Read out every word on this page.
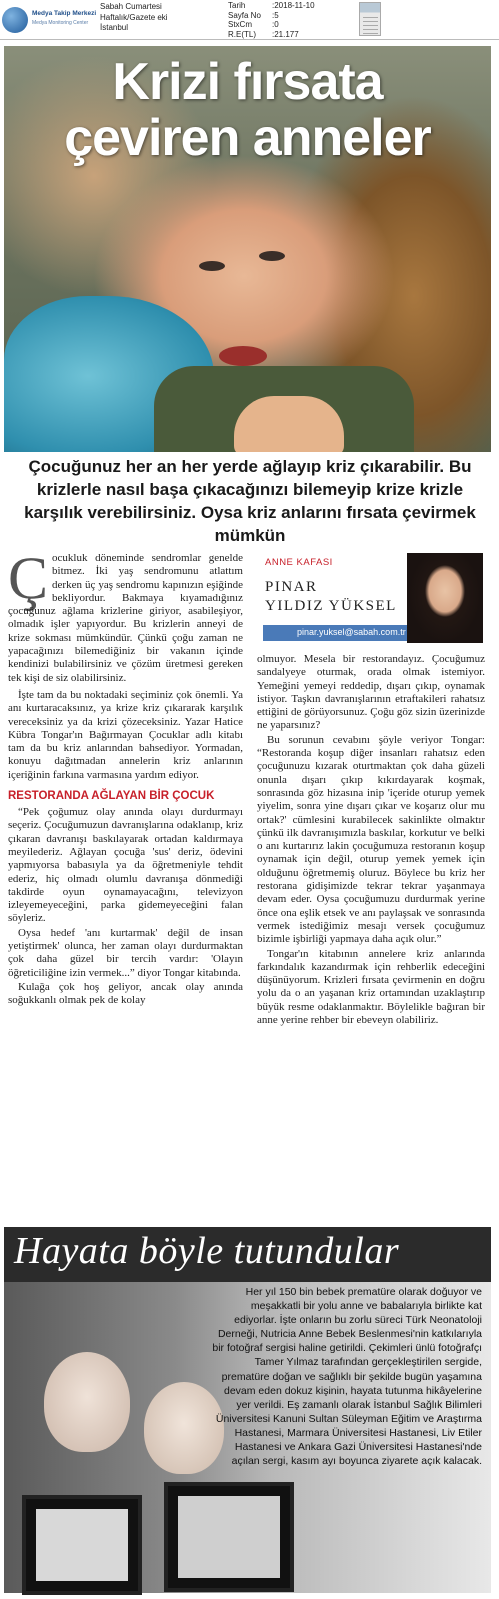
Medya Takip Merkezi
Medya Monitoring Center
Sabah Cumartesi
Haftalık/Gazete eki
İstanbul
Tarih	:2018-11-10
Sayfa No	:5
StxCm	:0
R.E(TL)	:21.177
Krizi fırsata
çeviren anneler
Çocuğunuz her an her yerde ağlayıp kriz çıkarabilir. Bu krizlerle nasıl başa çıkacağınızı bilemeyip krize krizle karşılık verebilirsiniz. Oysa kriz anlarını fırsata çevirmek mümkün

Çocukluk döneminde sendromlar genelde bitmez. İki yaş sendromunu atlattım derken üç yaş sendromu kapınızın eşiğinde bekliyordur. Bakmaya kıyamadığınız çocuğunuz ağlama krizlerine giriyor, asabileşiyor, olmadık işler yapıyordur. Bu krizlerin anneyi de krize sokması mümkündür. Çünkü çoğu zaman ne yapacağınızı bilemediğiniz bir vakanın içinde kendinizi bulabilirsiniz ve çözüm üretmesi gereken tek kişi de siz olabilirsiniz.

İşte tam da bu noktadaki seçiminiz çok önemli. Ya anı kurtaracaksınız, ya krize kriz çıkararak karşılık vereceksiniz ya da krizi çözeceksiniz. Yazar Hatice Kübra Tongar'ın Bağırmayan Çocuklar adlı kitabı tam da bu kriz anlarından bahsediyor. Yormadan, konuyu dağıtmadan annelerin kriz anlarının içeriğinin farkına varmasına yardım ediyor.

RESTORANDA AĞLAYAN BİR ÇOCUK

“Pek çoğumuz olay anında olayı durdurmayı seçeriz. Çocuğumuzun davranışlarına odaklanıp, kriz çıkaran davranışı baskılayarak ortadan kaldırmaya meyilederiz. Ağlayan çocuğa 'sus' deriz, ödevini yapmıyorsa babasıyla ya da öğretmeniyle tehdit ederiz, hiç olmadı olumlu davranışa dönmediği takdirde oyun oynamayacağını, televizyon izleyemeyeceğini, parka gidemeyeceğini falan söyleriz.

Oysa hedef 'anı kurtarmak' değil de insan yetiştirmek' olunca, her zaman olayı durdurmaktan çok daha güzel bir tercih vardır: 'Olayın öğreticiliğine izin vermek...” diyor Tongar kitabında.

Kulağa çok hoş geliyor, ancak olay anında soğukkanlı olmak pek de kolay

ANNE KAFASI
PINAR
YILDIZ YÜKSEL
pinar.yuksel@sabah.com.tr

olmuyor. Mesela bir restorandayız. Çocuğumuz sandalyeye oturmak, orada olmak istemiyor. Yemeğini yemeyi reddedip, dışarı çıkıp, oynamak istiyor. Taşkın davranışlarının etraftakileri rahatsız ettiğini de görüyorsunuz. Çoğu göz sizin üzerinizde ne yaparsınız?

Bu sorunun cevabını şöyle veriyor Tongar: “Restoranda koşup diğer insanları rahatsız eden çocuğunuzu kızarak oturtmaktan çok daha güzeli onunla dışarı çıkıp kıkırdayarak koşmak, sonrasında göz hizasına inip 'içeride oturup yemek yiyelim, sonra yine dışarı çıkar ve koşarız olur mu ortak?' cümlesini kurabilecek sakinlikte olmaktır çünkü ilk davranışımızla baskılar, korkutur ve belki o anı kurtarırız lakin çocuğumuza restoranın koşup oynamak için değil, oturup yemek yemek için olduğunu öğretmemiş oluruz. Böylece bu kriz her restorana gidişimizde tekrar tekrar yaşanmaya devam eder. Oysa çocuğumuzu durdurmak yerine önce ona eşlik etsek ve anı paylaşsak ve sonrasında vermek istediğimiz mesajı versek çocuğumuz bizimle işbirliği yapmaya daha açık olur.”

Tongar'ın kitabının annelere kriz anlarında farkındalık kazandırmak için rehberlik edeceğini düşünüyorum. Krizleri fırsata çevirmenin en doğru yolu da o an yaşanan kriz ortamından uzaklaştırıp büyük resme odaklanmaktır. Böylelikle bağıran bir anne yerine rehber bir ebeveyn olabiliriz.

Hayata böyle tutundular
Her yıl 150 bin bebek prematüre olarak doğuyor ve meşakkatli bir yolu anne ve babalarıyla birlikte kat ediyorlar. İşte onların bu zorlu süreci Türk Neonatoloji Derneği, Nutricia Anne Bebek Beslenmesi'nin katkılarıyla bir fotoğraf sergisi haline getirildi. Çekimleri ünlü fotoğrafçı Tamer Yılmaz tarafından gerçekleştirilen sergide, prematüre doğan ve sağlıklı bir şekilde bugün yaşamına devam eden dokuz kişinin, hayata tutunma hikâyelerine yer verildi. Eş zamanlı olarak İstanbul Sağlık Bilimleri Üniversitesi Kanuni Sultan Süleyman Eğitim ve Araştırma Hastanesi, Marmara Üniversitesi Hastanesi, Liv Etiler Hastanesi ve Ankara Gazi Üniversitesi Hastanesi'nde açılan sergi, kasım ayı boyunca ziyarete açık kalacak.
